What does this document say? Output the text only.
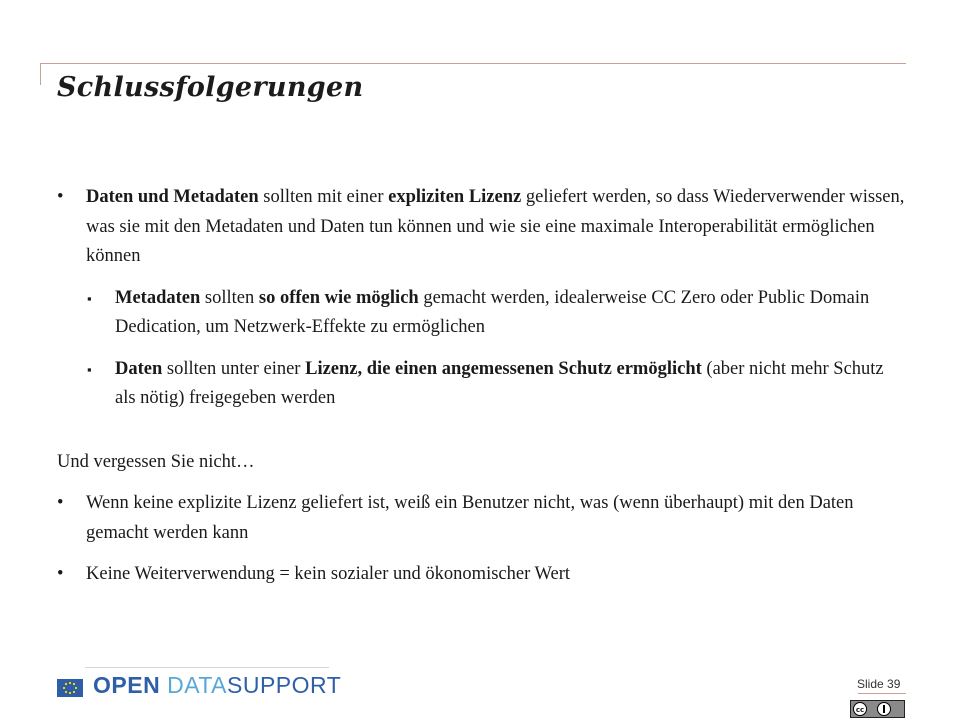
Schlussfolgerungen
• Daten und Metadaten sollten mit einer expliziten Lizenz geliefert werden, so dass Wiederverwender wissen, was sie mit den Metadaten und Daten tun können und wie sie eine maximale Interoperabilität ermöglichen können
▪ Metadaten sollten so offen wie möglich gemacht werden, idealerweise CC Zero oder Public Domain Dedication, um Netzwerk-Effekte zu ermöglichen
▪ Daten sollten unter einer Lizenz, die einen angemessenen Schutz ermöglicht (aber nicht mehr Schutz als nötig) freigegeben werden
Und vergessen Sie nicht…
• Wenn keine explizite Lizenz geliefert ist, weiß ein Benutzer nicht, was (wenn überhaupt) mit den Daten gemacht werden kann
• Keine Weiterverwendung = kein sozialer und ökonomischer Wert
OPEN DATASUPPORT	Slide 39
cc
